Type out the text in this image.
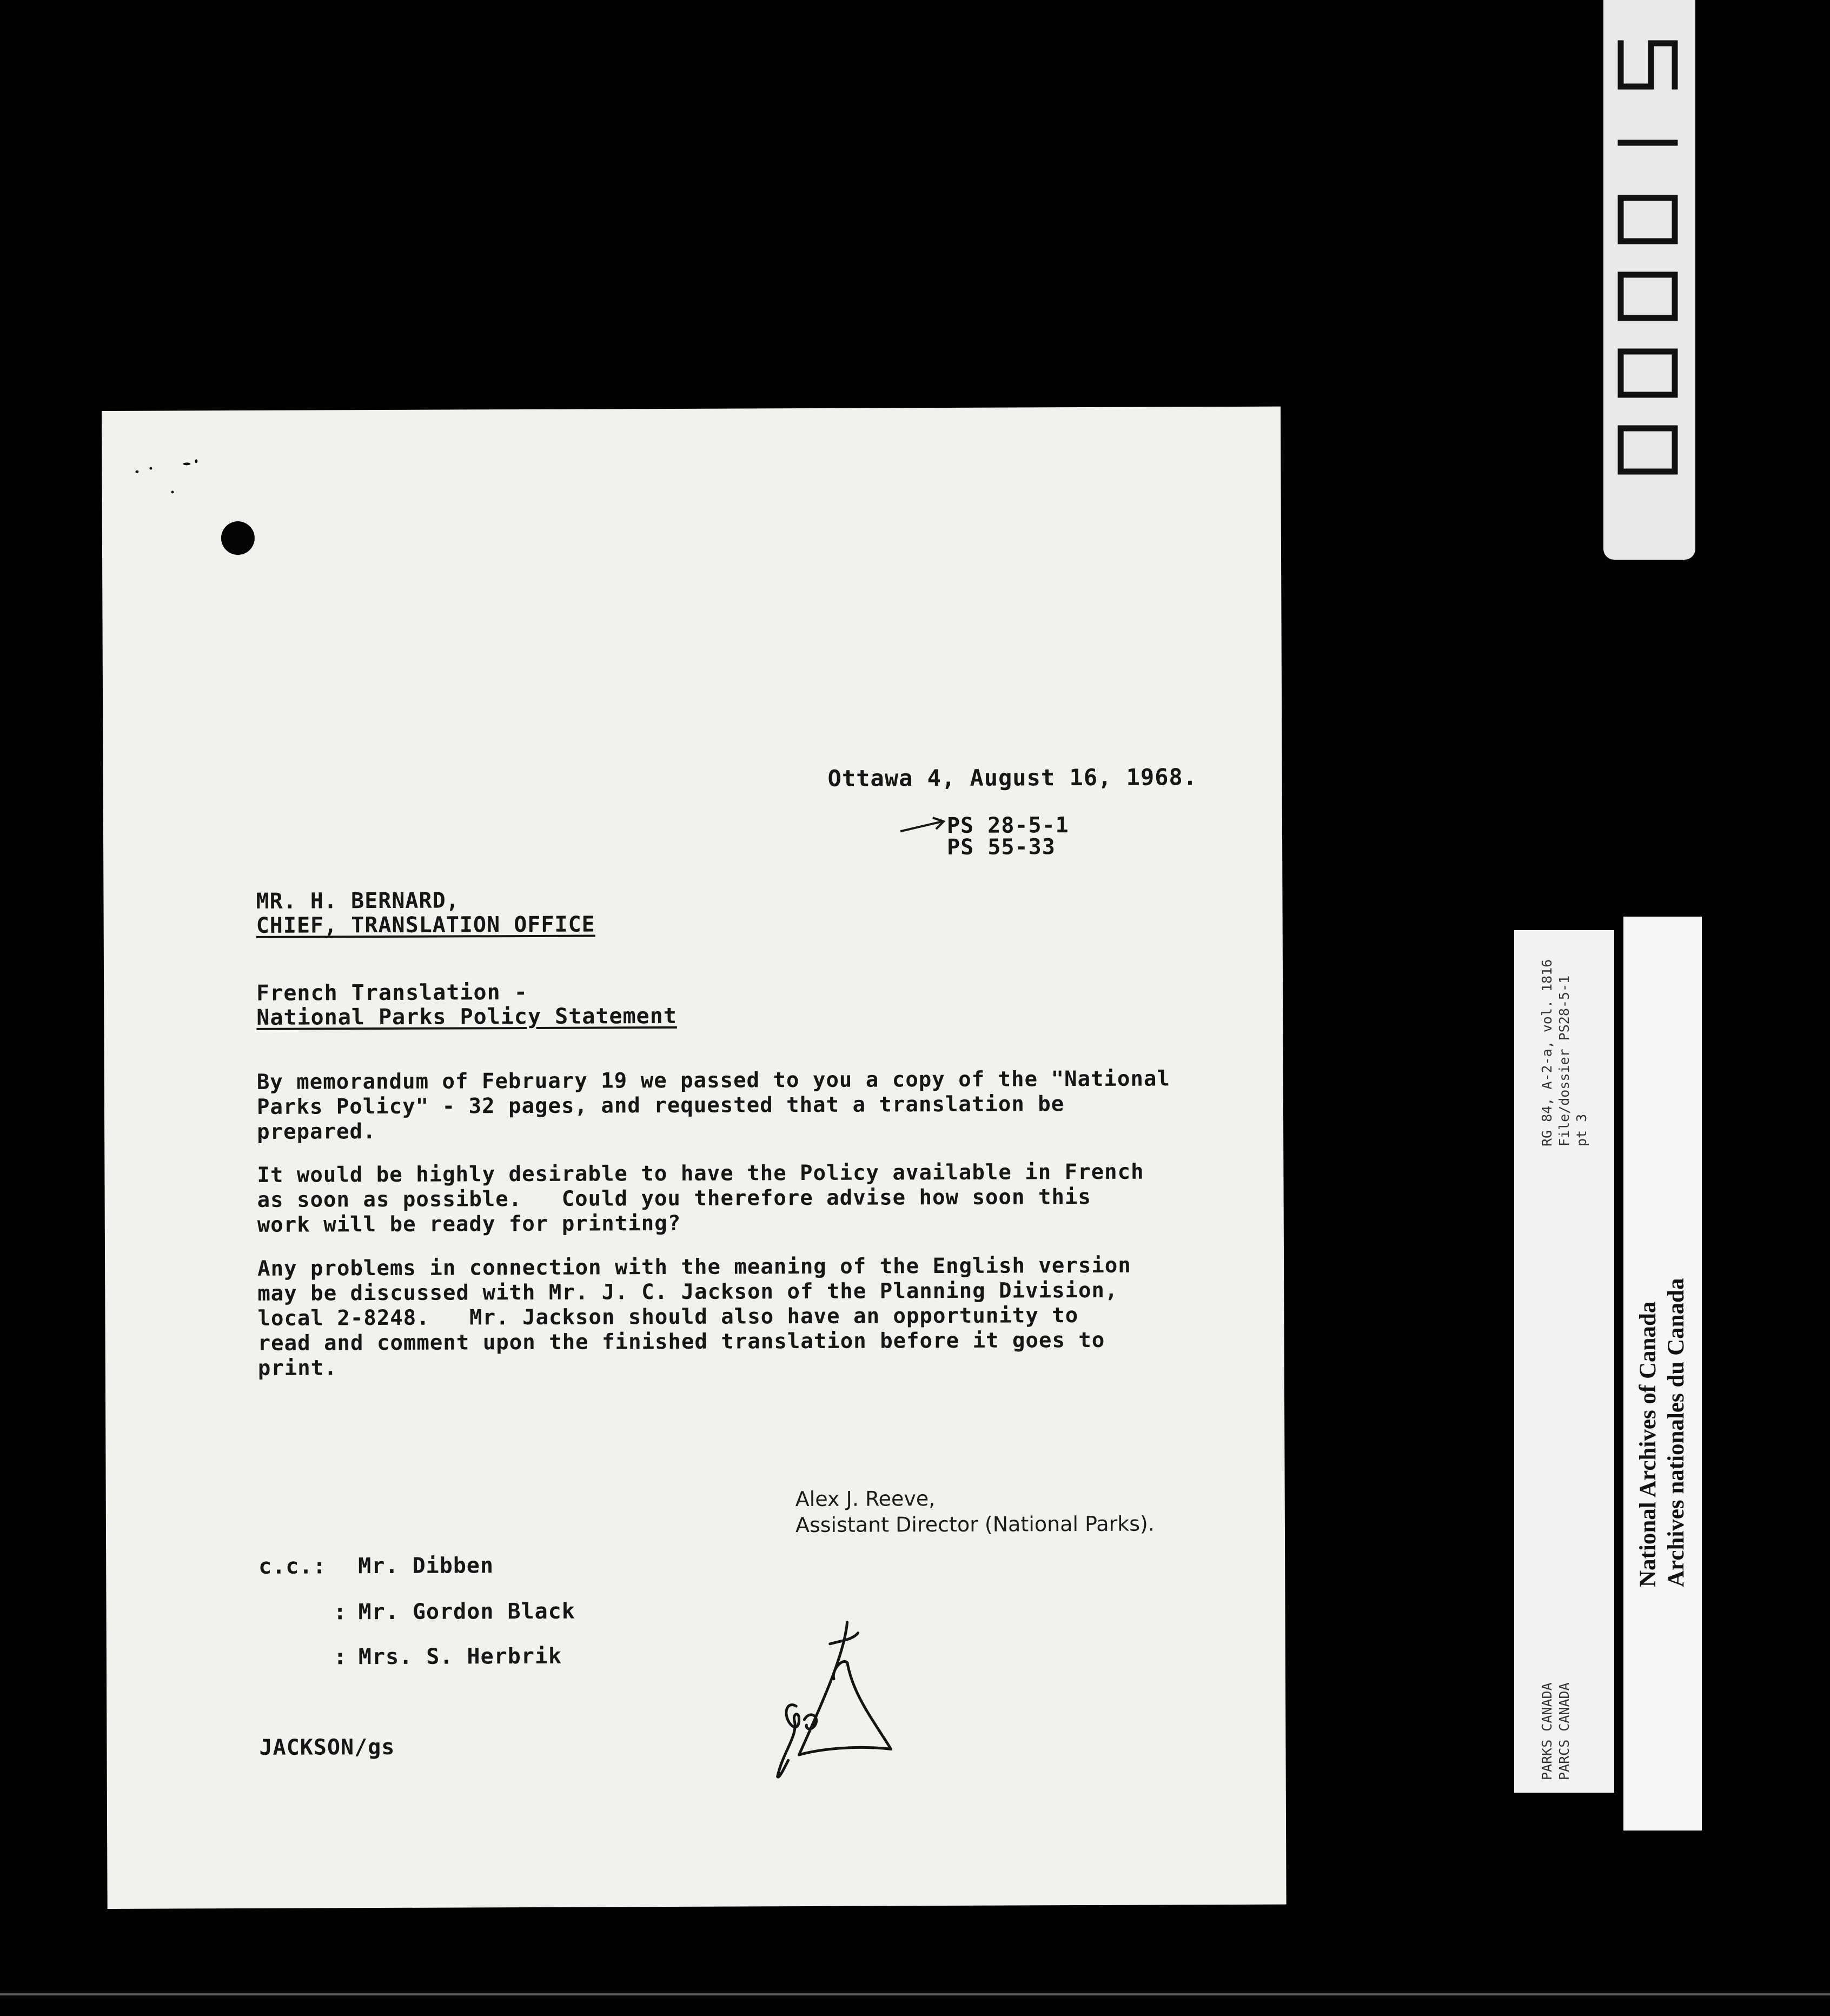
Ottawa 4, August 16, 1968.
PS 28-5-1
PS 55-33
MR. H. BERNARD,
CHIEF, TRANSLATION OFFICE
French Translation -
National Parks Policy Statement
By memorandum of February 19 we passed to you a copy of the "National
Parks Policy" - 32 pages, and requested that a translation be
prepared.
It would be highly desirable to have the Policy available in French
as soon as possible.   Could you therefore advise how soon this
work will be ready for printing?
Any problems in connection with the meaning of the English version
may be discussed with Mr. J. C. Jackson of the Planning Division,
local 2-8248.   Mr. Jackson should also have an opportunity to
read and comment upon the finished translation before it goes to
print.
Alex J. Reeve,
Assistant Director (National Parks).
c.c.: Mr. Dibben
: Mr. Gordon Black
: Mrs. S. Herbrik
JACKSON/gs
RG 84, A-2-a, vol. 1816 File/dossier PS28-5-1 pt 3
PARKS CANADA PARCS CANADA
National Archives of Canada Archives nationales du Canada
